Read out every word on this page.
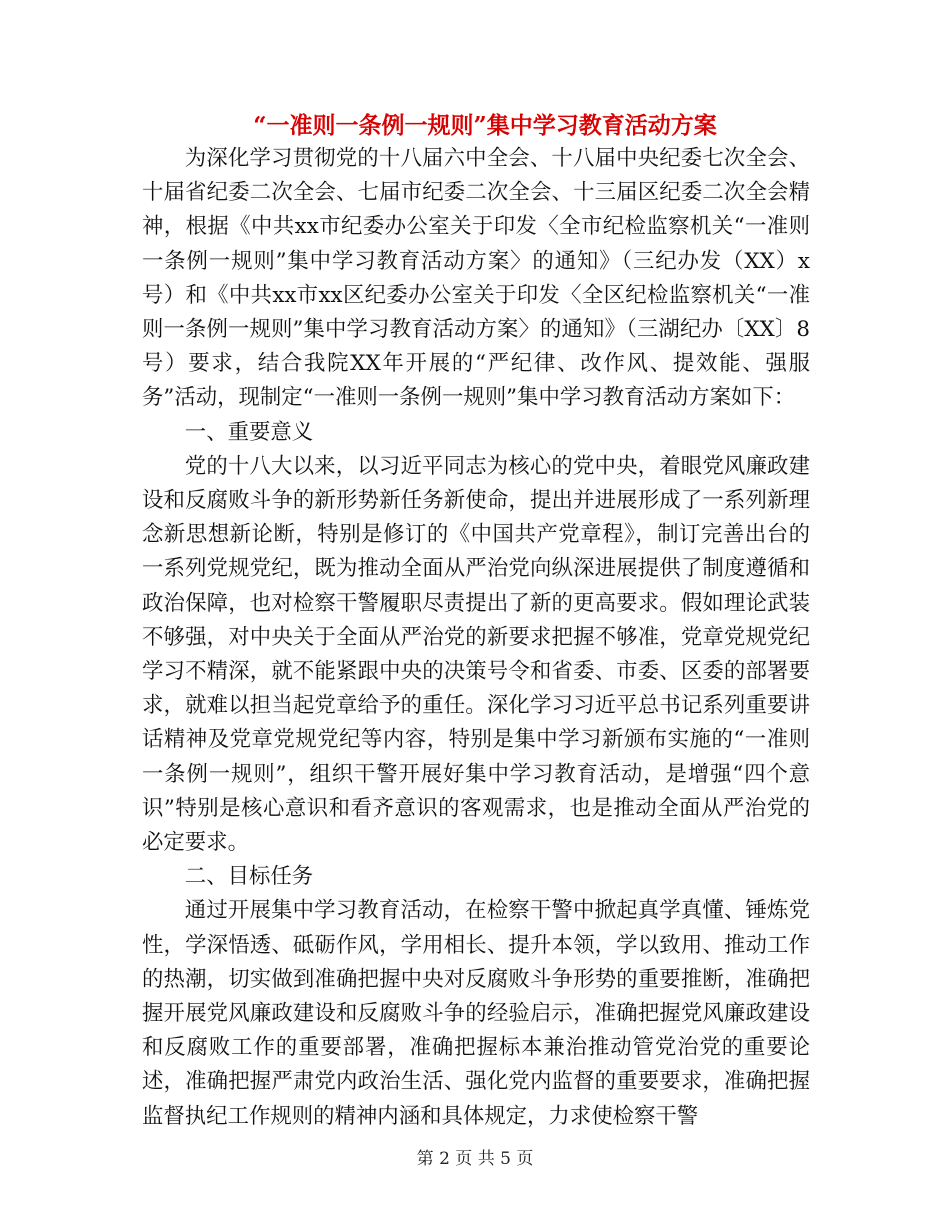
“一准则一条例一规则”集中学习教育活动方案

为深化学习贯彻党的十八届六中全会、十八届中央纪委七次全会、十届省纪委二次全会、七届市纪委二次全会、十三届区纪委二次全会精神，根据《中共xx市纪委办公室关于印发〈全市纪检监察机关“一准则一条例一规则”集中学习教育活动方案〉的通知》（三纪办发（XX）x号）和《中共xx市xx区纪委办公室关于印发〈全区纪检监察机关“一准则一条例一规则”集中学习教育活动方案〉的通知》（三湖纪办〔XX〕8号）要求，结合我院XX年开展的“严纪律、改作风、提效能、强服务”活动，现制定“一准则一条例一规则”集中学习教育活动方案如下：

一、重要意义

党的十八大以来，以习近平同志为核心的党中央，着眼党风廉政建设和反腐败斗争的新形势新任务新使命，提出并进展形成了一系列新理念新思想新论断，特别是修订的《中国共产党章程》，制订完善出台的一系列党规党纪，既为推动全面从严治党向纵深进展提供了制度遵循和政治保障，也对检察干警履职尽责提出了新的更高要求。假如理论武装不够强，对中央关于全面从严治党的新要求把握不够准，党章党规党纪学习不精深，就不能紧跟中央的决策号令和省委、市委、区委的部署要求，就难以担当起党章给予的重任。深化学习习近平总书记系列重要讲话精神及党章党规党纪等内容，特别是集中学习新颁布实施的“一准则一条例一规则”，组织干警开展好集中学习教育活动，是增强“四个意识”特别是核心意识和看齐意识的客观需求，也是推动全面从严治党的必定要求。

二、目标任务

通过开展集中学习教育活动，在检察干警中掀起真学真懂、锤炼党性，学深悟透、砥砺作风，学用相长、提升本领，学以致用、推动工作的热潮，切实做到准确把握中央对反腐败斗争形势的重要推断，准确把握开展党风廉政建设和反腐败斗争的经验启示，准确把握党风廉政建设和反腐败工作的重要部署，准确把握标本兼治推动管党治党的重要论述，准确把握严肃党内政治生活、强化党内监督的重要要求，准确把握监督执纪工作规则的精神内涵和具体规定，力求使检察干警

第 2 页 共 5 页
